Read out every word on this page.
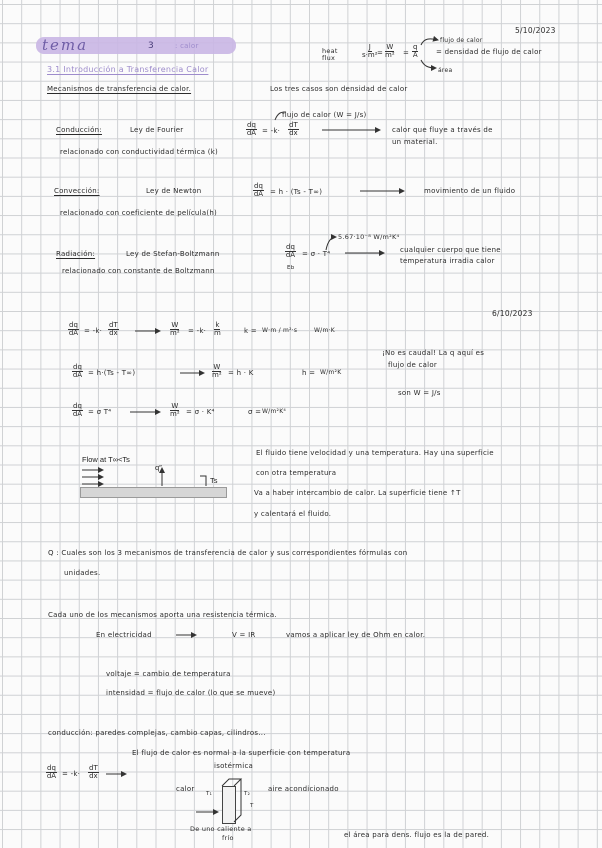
5/10/2023
tema	3	: calor
3.1 Introducción a Transferencia Calor
heat flux	$\frac{J}{\text{s·m²}} = \frac{W}{\text{m²}} = \frac{q}{A}$
flujo de calor
área
= densidad de flujo de calor
Mecanismos de transferencia de calor.	Los tres casos son densidad de calor
flujo de calor (W = J/s)
Conducción:	Ley de Fourier	$\frac{dq}{dA} = -k\cdot \frac{dT}{dx}$	calor que fluye a través de
un material.
relacionado con conductividad térmica (k)
Convección:	Ley de Newton	$\frac{dq}{dA} = h \cdot (Ts - T\infty)$	movimiento de un fluido
relacionado con coeficiente de película(h)
5.67·10⁻⁸ W/m²K⁴
Radiación:	Ley de Stefan-Boltzmann	$\frac{dq}{dA} = \sigma \cdot T^4$
Eb
cualquier cuerpo que tiene
temperatura irradia calor
relacionado con constante de Boltzmann
6/10/2023
$\frac{dq}{dA} = -k\cdot \frac{dT}{dx}$	$\frac{W}{\text{m²}} = -k\cdot \frac{k}{m}$	k = W·m / m²·s	W/m·K
$\frac{dq}{dA} = h\cdot(Ts - T\infty)$	$\frac{W}{\text{m²}} = h \cdot K$	h = W/m²K
$\frac{dq}{dA} = \sigma$ T⁴	$\frac{W}{\text{m²}} = \sigma \cdot K^4$	σ = W/m²K⁴
¡No es caudal! La q aquí es
flujo de calor
son W = J/s
Flow at T∞<Ts
q″
Ts
El fluido tiene velocidad y una temperatura. Hay una superficie
con otra temperatura
Va a haber intercambio de calor. La superficie tiene ↑T
y calentará el fluido.
Q : Cuales son los 3 mecanismos de transferencia de calor y sus correspondientes fórmulas con
unidades.
Cada uno de los mecanismos aporta una resistencia térmica.
En electricidad	V = IR	vamos a aplicar ley de Ohm en calor.
voltaje = cambio de temperatura
intensidad = flujo de calor (lo que se mueve)
conducción: paredes complejas, cambio capas, cilindros...
El flujo de calor es normal a la superficie con temperatura
isotérmica
$\frac{dq}{dA} = -k\cdot \frac{dT}{dx}$
calor
T₁	T₂
aire acondicionado
T
De uno caliente a
frío	el área para dens. flujo es la de pared.
